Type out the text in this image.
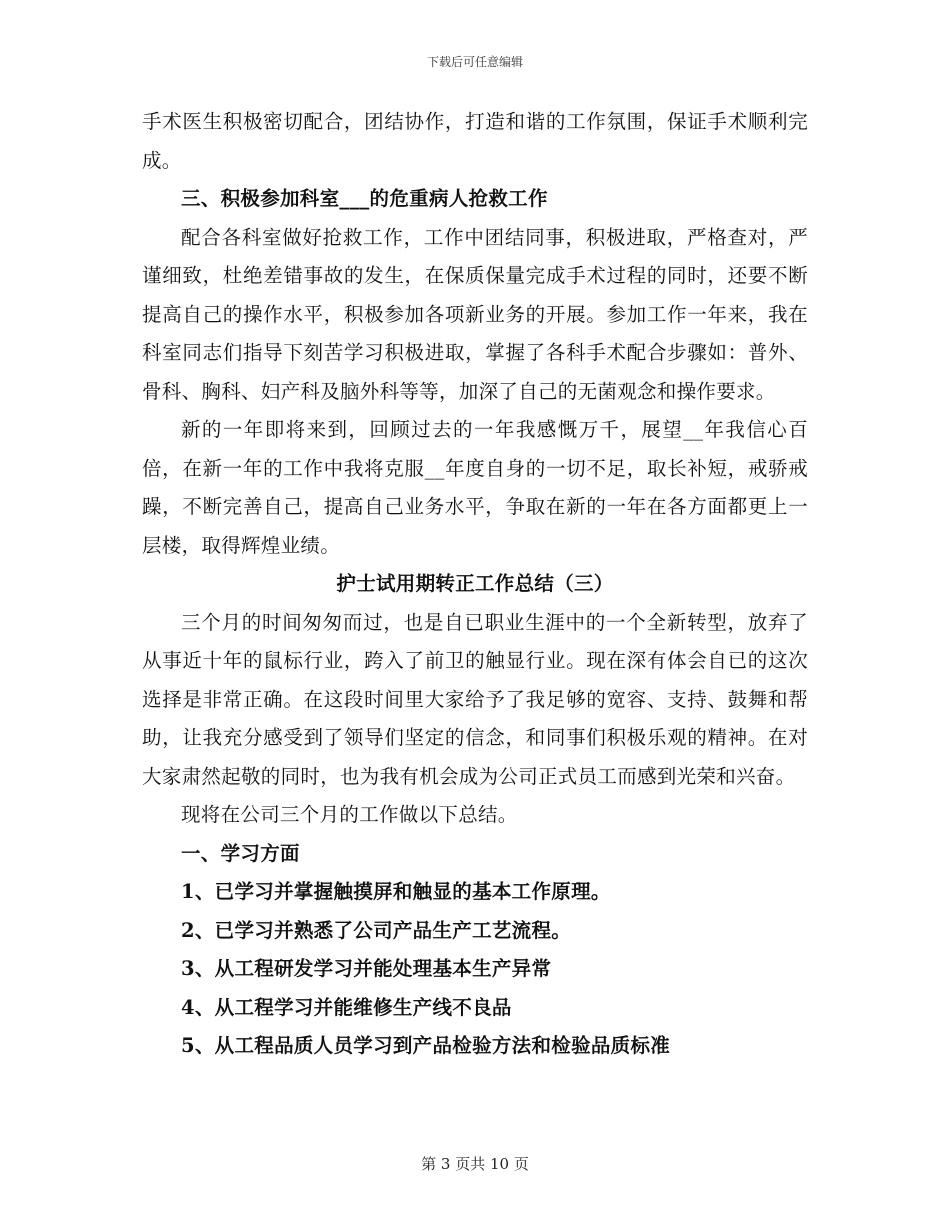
下载后可任意编辑

手术医生积极密切配合，团结协作，打造和谐的工作氛围，保证手术顺利完成。

三、积极参加科室___的危重病人抢救工作

配合各科室做好抢救工作，工作中团结同事，积极进取，严格查对，严谨细致，杜绝差错事故的发生，在保质保量完成手术过程的同时，还要不断提高自己的操作水平，积极参加各项新业务的开展。参加工作一年来，我在科室同志们指导下刻苦学习积极进取，掌握了各科手术配合步骤如：普外、骨科、胸科、妇产科及脑外科等等，加深了自己的无菌观念和操作要求。

新的一年即将来到，回顾过去的一年我感慨万千，展望__年我信心百倍，在新一年的工作中我将克服__年度自身的一切不足，取长补短，戒骄戒躁，不断完善自己，提高自己业务水平，争取在新的一年在各方面都更上一层楼，取得辉煌业绩。

护士试用期转正工作总结（三）

三个月的时间匆匆而过，也是自已职业生涯中的一个全新转型，放弃了从事近十年的鼠标行业，跨入了前卫的触显行业。现在深有体会自已的这次选择是非常正确。在这段时间里大家给予了我足够的宽容、支持、鼓舞和帮助，让我充分感受到了领导们坚定的信念，和同事们积极乐观的精神。在对大家肃然起敬的同时，也为我有机会成为公司正式员工而感到光荣和兴奋。

现将在公司三个月的工作做以下总结。

一、学习方面

1、已学习并掌握触摸屏和触显的基本工作原理。

2、已学习并熟悉了公司产品生产工艺流程。

3、从工程研发学习并能处理基本生产异常

4、从工程学习并能维修生产线不良品

5、从工程品质人员学习到产品检验方法和检验品质标准

第 3 页共 10 页
